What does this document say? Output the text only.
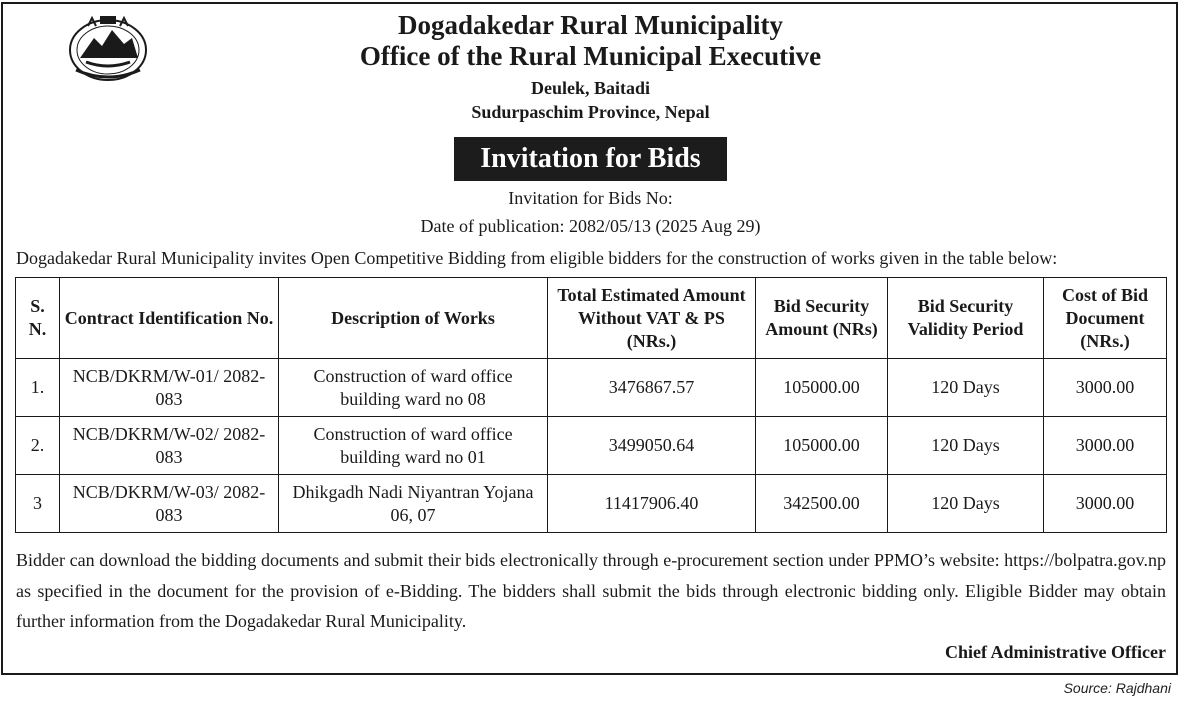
Dogadakedar Rural Municipality
Office of the Rural Municipal Executive
Deulek, Baitadi
Sudurpaschim Province, Nepal
Invitation for Bids
Invitation for Bids No:
Date of publication: 2082/05/13 (2025 Aug 29)
Dogadakedar Rural Municipality invites Open Competitive Bidding from eligible bidders for the construction of works given in the table below:
S. N.	Contract Identification No.	Description of Works	Total Estimated Amount Without VAT & PS (NRs.)	Bid Security Amount (NRs)	Bid Security Validity Period	Cost of Bid Document (NRs.)
1.	NCB/DKRM/W-01/ 2082-083	Construction of ward office building ward no 08	3476867.57	105000.00	120 Days	3000.00
2.	NCB/DKRM/W-02/ 2082-083	Construction of ward office building ward no 01	3499050.64	105000.00	120 Days	3000.00
3	NCB/DKRM/W-03/ 2082-083	Dhikgadh Nadi Niyantran Yojana 06, 07	11417906.40	342500.00	120 Days	3000.00
Bidder can download the bidding documents and submit their bids electronically through e-procurement section under PPMO’s website: https://bolpatra.gov.np as specified in the document for the provision of e-Bidding. The bidders shall submit the bids through electronic bidding only. Eligible Bidder may obtain further information from the Dogadakedar Rural Municipality.
Chief Administrative Officer
Source: Rajdhani
